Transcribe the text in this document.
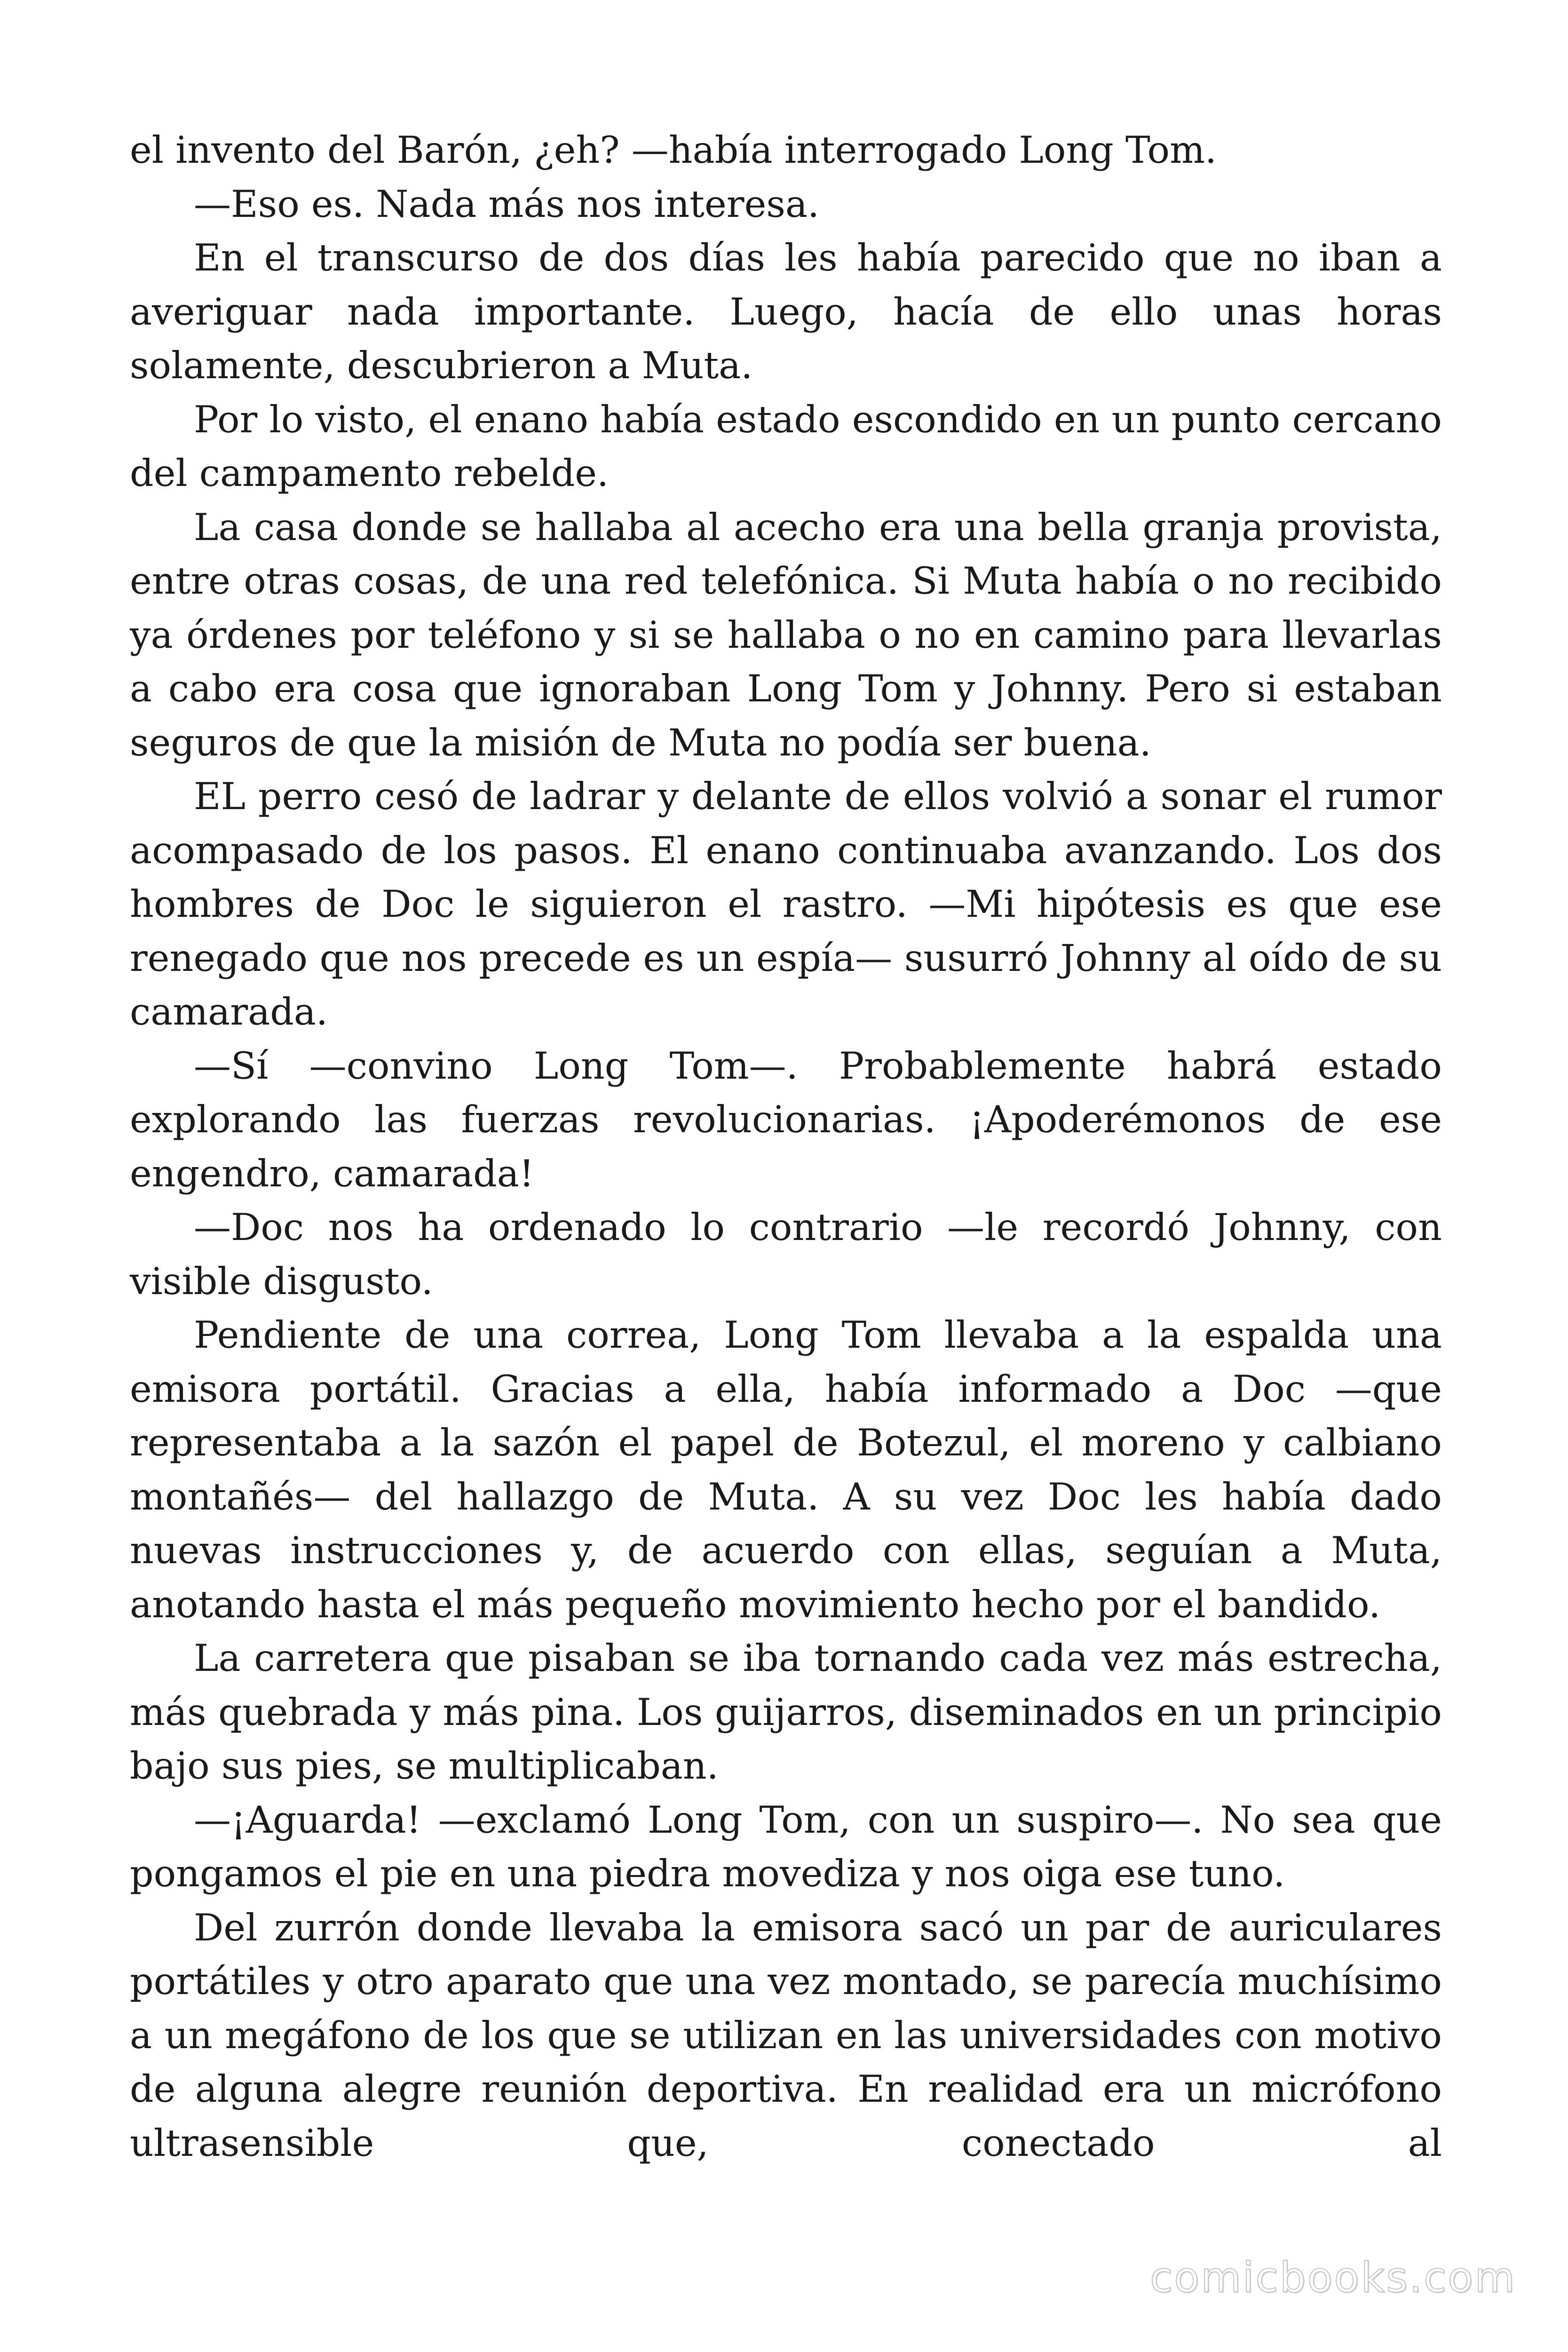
el invento del Barón, ¿eh? —había interrogado Long Tom.

—Eso es. Nada más nos interesa.

En el transcurso de dos días les había parecido que no iban a averiguar nada importante. Luego, hacía de ello unas horas solamente, descubrieron a Muta.

Por lo visto, el enano había estado escondido en un punto cercano del campamento rebelde.

La casa donde se hallaba al acecho era una bella granja provista, entre otras cosas, de una red telefónica. Si Muta había o no recibido ya órdenes por teléfono y si se hallaba o no en camino para llevarlas a cabo era cosa que ignoraban Long Tom y Johnny. Pero si estaban seguros de que la misión de Muta no podía ser buena.

EL perro cesó de ladrar y delante de ellos volvió a sonar el rumor acompasado de los pasos. El enano continuaba avanzando. Los dos hombres de Doc le siguieron el rastro. —Mi hipótesis es que ese renegado que nos precede es un espía— susurró Johnny al oído de su camarada.

—Sí —convino Long Tom—. Probablemente habrá estado explorando las fuerzas revolucionarias. ¡Apoderémonos de ese engendro, camarada!

—Doc nos ha ordenado lo contrario —le recordó Johnny, con visible disgusto.

Pendiente de una correa, Long Tom llevaba a la espalda una emisora portátil. Gracias a ella, había informado a Doc —que representaba a la sazón el papel de Botezul, el moreno y calbiano montañés— del hallazgo de Muta. A su vez Doc les había dado nuevas instrucciones y, de acuerdo con ellas, seguían a Muta, anotando hasta el más pequeño movimiento hecho por el bandido.

La carretera que pisaban se iba tornando cada vez más estrecha, más quebrada y más pina. Los guijarros, diseminados en un principio bajo sus pies, se multiplicaban.

—¡Aguarda! —exclamó Long Tom, con un suspiro—. No sea que pongamos el pie en una piedra movediza y nos oiga ese tuno.

Del zurrón donde llevaba la emisora sacó un par de auriculares portátiles y otro aparato que una vez montado, se parecía muchísimo a un megáfono de los que se utilizan en las universidades con motivo de alguna alegre reunión deportiva. En realidad era un micrófono ultrasensible que, conectado al

comicbooks.com
